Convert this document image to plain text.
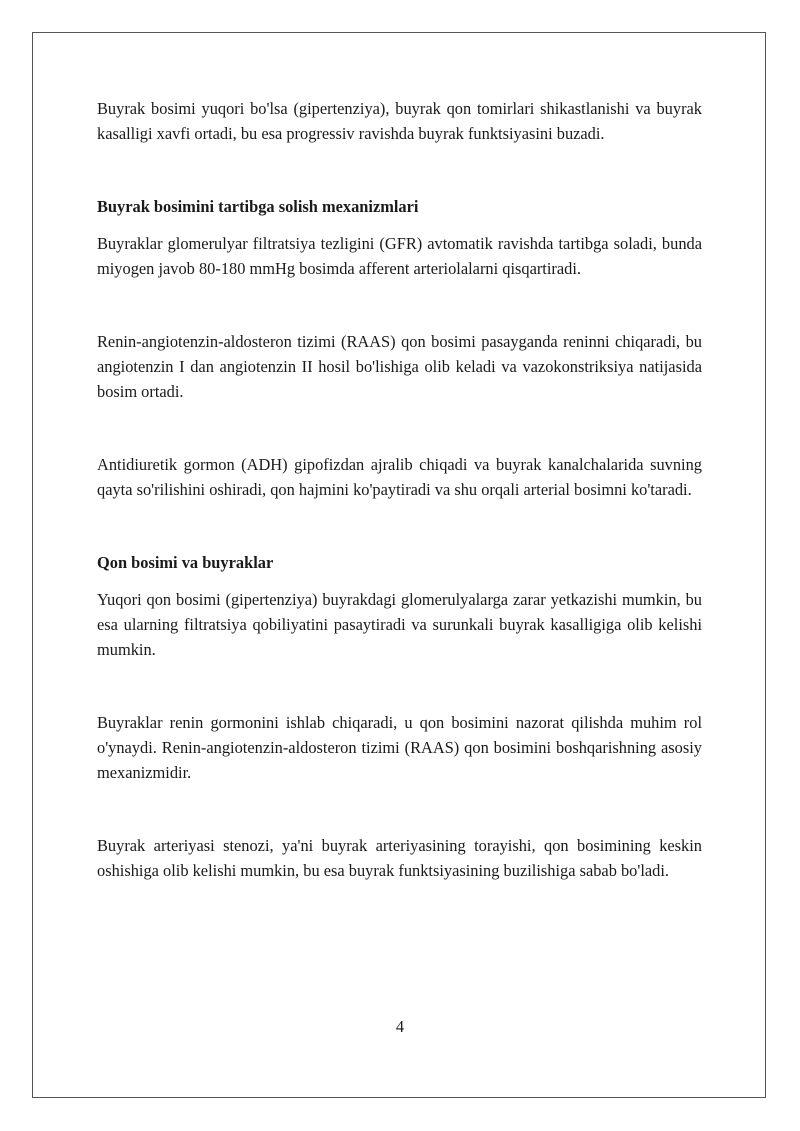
Buyrak bosimi yuqori bo'lsa (gipertenziya), buyrak qon tomirlari shikastlanishi va buyrak kasalligi xavfi ortadi, bu esa progressiv ravishda buyrak funktsiyasini buzadi.

Buyrak bosimini tartibga solish mexanizmlari

Buyraklar glomerulyar filtratsiya tezligini (GFR) avtomatik ravishda tartibga soladi, bunda miyogen javob 80-180 mmHg bosimda afferent arteriolalarni qisqartiradi.

Renin-angiotenzin-aldosteron tizimi (RAAS) qon bosimi pasayganda reninni chiqaradi, bu angiotenzin I dan angiotenzin II hosil bo'lishiga olib keladi va vazokonstriksiya natijasida bosim ortadi.

Antidiuretik gormon (ADH) gipofizdan ajralib chiqadi va buyrak kanalchalarida suvning qayta so'rilishini oshiradi, qon hajmini ko'paytiradi va shu orqali arterial bosimni ko'taradi.

Qon bosimi va buyraklar

Yuqori qon bosimi (gipertenziya) buyrakdagi glomerulyalarga zarar yetkazishi mumkin, bu esa ularning filtratsiya qobiliyatini pasaytiradi va surunkali buyrak kasalligiga olib kelishi mumkin.

Buyraklar renin gormonini ishlab chiqaradi, u qon bosimini nazorat qilishda muhim rol o'ynaydi. Renin-angiotenzin-aldosteron tizimi (RAAS) qon bosimini boshqarishning asosiy mexanizmidir.

Buyrak arteriyasi stenozi, ya'ni buyrak arteriyasining torayishi, qon bosimining keskin oshishiga olib kelishi mumkin, bu esa buyrak funktsiyasining buzilishiga sabab bo'ladi.

4
